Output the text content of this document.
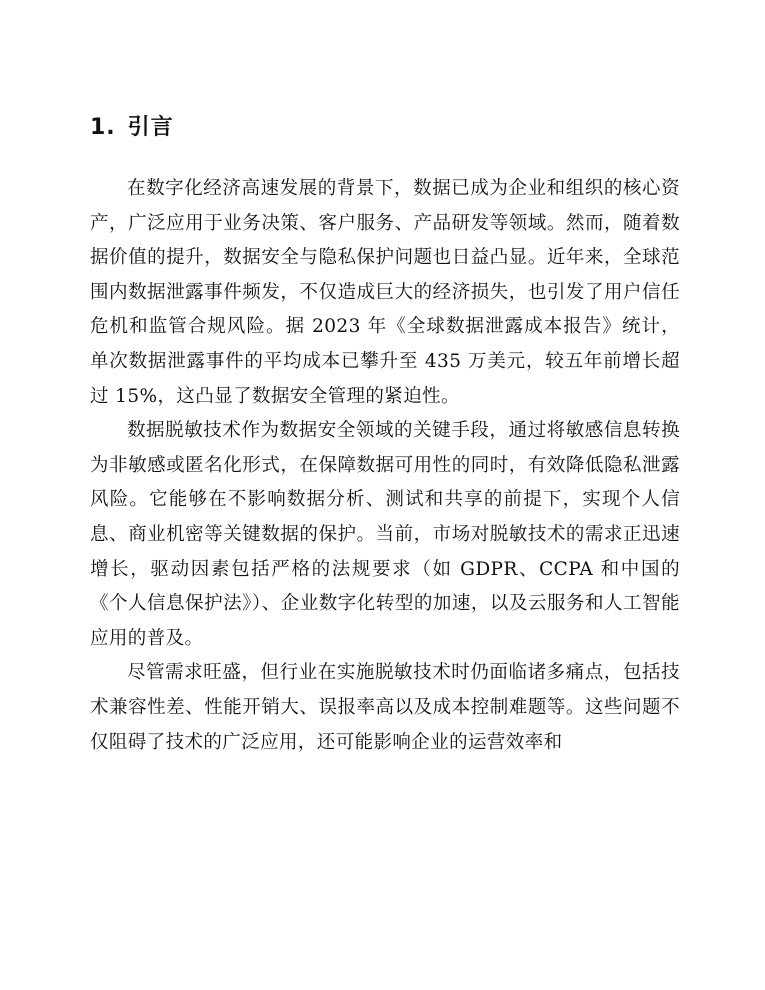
1. 引言

在数字化经济高速发展的背景下，数据已成为企业和组织的核心资产，广泛应用于业务决策、客户服务、产品研发等领域。然而，随着数据价值的提升，数据安全与隐私保护问题也日益凸显。近年来，全球范围内数据泄露事件频发，不仅造成巨大的经济损失，也引发了用户信任危机和监管合规风险。据 2023 年《全球数据泄露成本报告》统计，单次数据泄露事件的平均成本已攀升至 435 万美元，较五年前增长超过 15%，这凸显了数据安全管理的紧迫性。

数据脱敏技术作为数据安全领域的关键手段，通过将敏感信息转换为非敏感或匿名化形式，在保障数据可用性的同时，有效降低隐私泄露风险。它能够在不影响数据分析、测试和共享的前提下，实现个人信息、商业机密等关键数据的保护。当前，市场对脱敏技术的需求正迅速增长，驱动因素包括严格的法规要求（如 GDPR、CCPA 和中国的《个人信息保护法》）、企业数字化转型的加速，以及云服务和人工智能应用的普及。

尽管需求旺盛，但行业在实施脱敏技术时仍面临诸多痛点，包括技术兼容性差、性能开销大、误报率高以及成本控制难题等。这些问题不仅阻碍了技术的广泛应用，还可能影响企业的运营效率和
